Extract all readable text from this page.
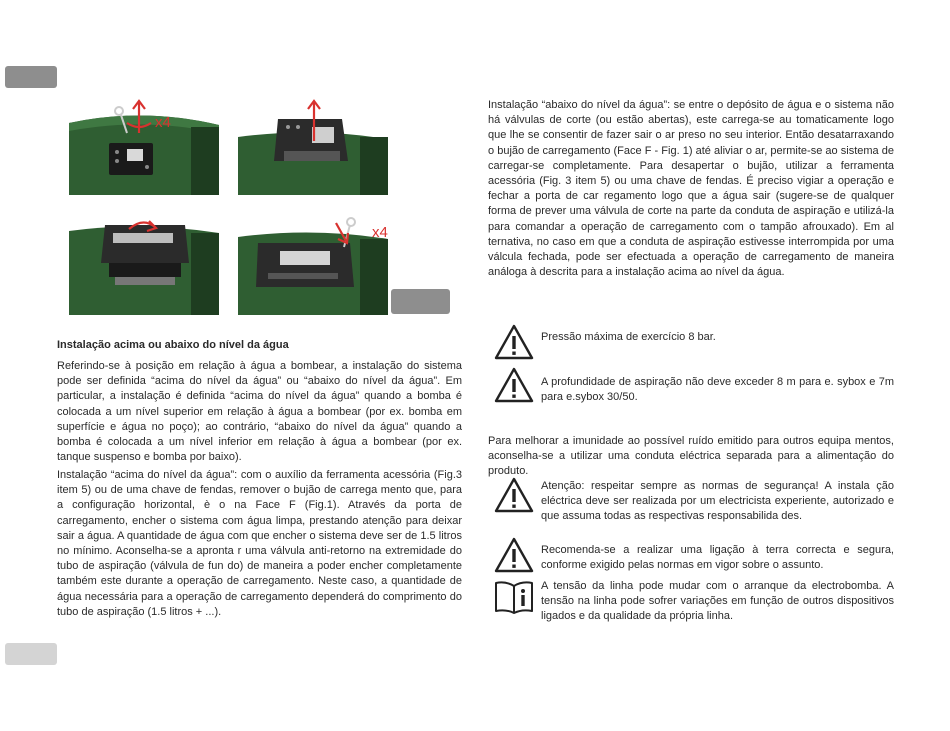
x4
x4
Instalação acima ou abaixo do nível da água
Referindo-se à posição em relação à água a bombear, a instalação do sistema pode ser definida “acima do nível da água” ou “abaixo do nível da água”. Em particular, a instalação é definida “acima do nível da água” quando a bomba é colocada a um nível superior em relação à água a bombear (por ex. bomba em superfície e água no poço); ao contrário, “abaixo do nível da água” quando a bomba é colocada a um nível inferior em relação à água a bombear (por ex. tanque suspenso e bomba por baixo).
Instalação “acima do nível da água”: com o auxílio da ferramenta acessória (Fig.3 item 5) ou de uma chave de fendas, remover o bujão de carrega mento que, para a configuração horizontal, è o na Face F (Fig.1). Através da porta de carregamento, encher o sistema com água limpa, prestando atenção para deixar sair a água. A quantidade de água com que encher o sistema deve ser de 1.5 litros no mínimo. Aconselha-se a apronta r uma válvula anti-retorno na extremidade do tubo de aspiração (válvula de fun do) de maneira a poder encher completamente também este durante a operação de carregamento. Neste caso, a quantidade de água necessária para a operação de carregamento dependerá do comprimento do tubo de aspiração (1.5 litros + ...).
Instalação “abaixo do nível da água”: se entre o depósito de água e o sistema não há válvulas de corte (ou estão abertas), este carrega-se au tomaticamente logo que lhe se consentir de fazer sair o ar preso no seu interior. Então desatarraxando o bujão de carregamento (Face F - Fig. 1) até aliviar o ar, permite-se ao sistema de carregar-se completamente. Para desapertar o bujão, utilizar a ferramenta acessória (Fig. 3 item 5) ou uma chave de fendas. É preciso vigiar a operação e fechar a porta de car regamento logo que a água sair (sugere-se de qualquer forma de prever uma válvula de corte na parte da conduta de aspiração e utilizá-la para comandar a operação de carregamento com o tampão afrouxado). Em al ternativa, no caso em que a conduta de aspiração estivesse interrompida por uma válcula fechada, pode ser efectuada a operação de carregamento de maneira análoga à descrita para a instalação acima ao nível da água.
Pressão máxima de exercício 8 bar.
A profundidade de aspiração não deve exceder 8 m para e. sybox e 7m para e.sybox 30/50.
Para melhorar a imunidade ao possível ruído emitido para outros equipa mentos, aconselha-se a utilizar uma conduta eléctrica separada para a alimentação do produto.
Atenção: respeitar sempre as normas de segurança! A instala ção eléctrica deve ser realizada por um electricista experiente, autorizado e que assuma todas as respectivas responsabilida des.
Recomenda-se a realizar uma ligação à terra correcta e segura, conforme exigido pelas normas em vigor sobre o assunto.
A tensão da linha pode mudar com o arranque da electrobomba. A tensão na linha pode sofrer variações em função de outros dispositivos ligados e da qualidade da própria linha.
